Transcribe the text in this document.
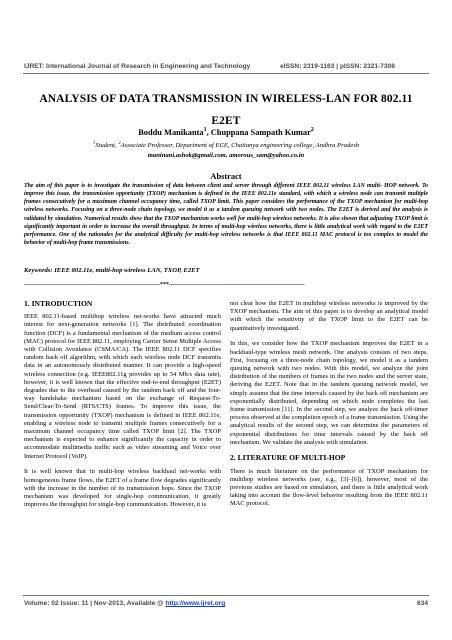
IJRET: International Journal of Research in Engineering and Technology	eISSN: 2319-1163 | pISSN: 2321-7308
ANALYSIS OF DATA TRANSMISSION IN WIRELESS-LAN FOR 802.11
E2ET
Boddu Manikanta$^1$, Chuppana Sampath Kumar$^2$
$^1$Student, $^2$Associate Professor, Department of ECE, Chaitanya engineering college, Andhra Pradesh
maninani.ashok@gmail.com, amorous_sam@yahoo.co.in
Abstract
The aim of this paper is to investigate the transmission of data between client and server through different IEEE 802.11 wireless LAN multi- HOP network. To improve this issue, the transmission opportunity (TXOP) mechanism is defined in the IEEE 802.11e standard, with which a wireless node can transmit multiple frames consecutively for a maximum channel occupancy time, called TXOP limit. This paper considers the performance of the TXOP mechanism for multi-hop wireless networks. Focusing on a three-node chain topology, we model it as a tandem queuing network with two nodes. The E2ET is derived and the analysis is validated by simulation. Numerical results show that the TXOP mechanism works well for multi-hop wireless networks. It is also shown that adjusting TXOP limit is significantly important in order to increase the overall throughput. In terms of multi-hop wireless networks, there is little analytical work with regard to the E2ET performance. One of the rationales for the analytical difficulty for multi-hop wireless networks is that IEEE 802.11 MAC protocol is too complex to model the behavior of multi-hop frame transmissions.
Keywords: IEEE 802.11e, multi-hop wireless LAN, TXOP, E2ET
--------------------------------------------------------------------***--------------------------------------------------------------------
1. INTRODUCTION

IEEE 802.11-based multihop wireless net-works have attracted much interest for next-generation networks [1]. The distributed coordination function (DCF) is a fundamental mechanism of the medium access control (MAC) protocol for IEEE 802.11, employing Carrier Sense Multiple Access with Collision Avoidance (CSMA/CA). The IEEE 802.11 DCF specifies random back off algorithm, with which each wireless node DCF transmits data in an autonomously distributed manner. It can provide a high-speed wireless connection (e.g. IEEE802.11g provides up to 54 Mb/s data rate), however, it is well known that the effective end-to-end throughput (E2ET) degrades due to the overhead caused by the random back off and the four-way handshake mechanism based on the exchange of Request-To-Send/Clear-To-Send (RTS/CTS) frames. To improve this issue, the transmission opportunity (TXOP) mechanism is defined in IEEE 802.11e, enabling a wireless node to transmit multiple frames consecutively for a maximum channel occupancy time called TXOP limit [2]. The TXOP mechanism is expected to enhance significantly the capacity in order to accommodate multimedia traffic such as video streaming and Voice over Internet Protocol (VoIP).

It is well known that in multi-hop wireless backhaul net-works with homogeneous frame flows, the E2ET of a frame flow degrades significantly with the increase in the number of its transmission hops. Since the TXOP mechanism was developed for single-hop communication, it greatly improves the throughput for single-hop communication. However, it is

not clear how the E2ET in multihop wireless networks is improved by the TXOP mechanism. The aim of this paper is to develop an analytical model with which the sensitivity of the TXOP limit to the E2ET can be quantitatively investigated.

In this, we consider how the TXOP mechanism improves the E2ET in a backhaul-type wireless mesh network. Our analysis consists of two steps. First, focusing on a three-node chain topology, we model it as a tandem queuing network with two nodes. With this model, we analyze the joint distribution of the numbers of frames in the two nodes and the server state, deriving the E2ET. Note that in the tandem queuing network model, we simply assume that the time intervals caused by the back off mechanism are exponentially distributed, depending on which node completes the last frame transmission [11]. In the second step, we analyze the back off-timer process observed at the completion epoch of a frame transmission. Using the analytical results of the second step, we can determine the parameters of exponential distributions for time intervals caused by the back off mechanism. We validate the analysis with simulation.

2. LITERATURE OF MULTI-HOP

There is much literature on the performance of TXOP mechanism for multihop wireless networks (see, e.g., [3]–[6]), however, most of the previous studies are based on simulation, and there is little analytical work taking into account the flow-level behavior resulting from the IEEE 802.11 MAC protocol.

Volume: 02 Issue: 11 | Nov-2013, Available @ http://www.ijret.org	634
